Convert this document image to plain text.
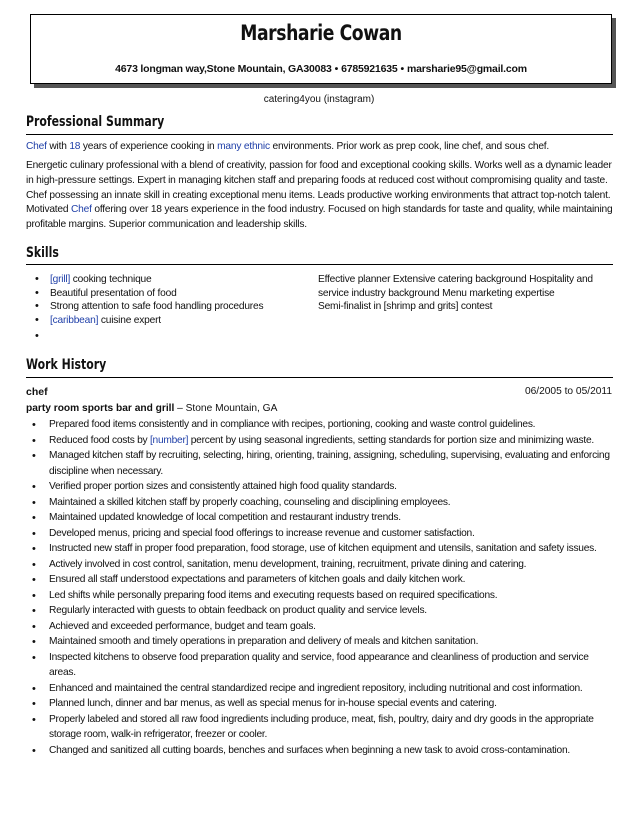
Marsharie Cowan
4673 longman way,Stone Mountain, GA30083 • 6785921635 • marsharie95@gmail.com
catering4you (instagram)
Professional Summary
Chef with 18 years of experience cooking in many ethnic environments. Prior work as prep cook, line chef, and sous chef.
Energetic culinary professional with a blend of creativity, passion for food and exceptional cooking skills. Works well as a dynamic leader in high-pressure settings. Expert in managing kitchen staff and preparing foods at reduced cost without compromising quality and taste. Chef possessing an innate skill in creating exceptional menu items. Leads productive working environments that attract top-notch talent. Motivated Chef offering over 18 years experience in the food industry. Focused on high standards for taste and quality, while maintaining profitable margins. Superior communication and leadership skills.
Skills
• [grill] cooking technique
• Beautiful presentation of food
• Strong attention to safe food handling procedures
• [caribbean] cuisine expert
•

Effective planner Extensive catering background Hospitality and service industry background Menu marketing expertise
Semi-finalist in [shrimp and grits] contest
Work History
chef	06/2005 to 05/2011
party room sports bar and grill – Stone Mountain, GA
• Prepared food items consistently and in compliance with recipes, portioning, cooking and waste control guidelines.
• Reduced food costs by [number] percent by using seasonal ingredients, setting standards for portion size and minimizing waste.
• Managed kitchen staff by recruiting, selecting, hiring, orienting, training, assigning, scheduling, supervising, evaluating and enforcing discipline when necessary.
• Verified proper portion sizes and consistently attained high food quality standards.
• Maintained a skilled kitchen staff by properly coaching, counseling and disciplining employees.
• Maintained updated knowledge of local competition and restaurant industry trends.
• Developed menus, pricing and special food offerings to increase revenue and customer satisfaction.
• Instructed new staff in proper food preparation, food storage, use of kitchen equipment and utensils, sanitation and safety issues.
• Actively involved in cost control, sanitation, menu development, training, recruitment, private dining and catering.
• Ensured all staff understood expectations and parameters of kitchen goals and daily kitchen work.
• Led shifts while personally preparing food items and executing requests based on required specifications.
• Regularly interacted with guests to obtain feedback on product quality and service levels.
• Achieved and exceeded performance, budget and team goals.
• Maintained smooth and timely operations in preparation and delivery of meals and kitchen sanitation.
• Inspected kitchens to observe food preparation quality and service, food appearance and cleanliness of production and service areas.
• Enhanced and maintained the central standardized recipe and ingredient repository, including nutritional and cost information.
• Planned lunch, dinner and bar menus, as well as special menus for in-house special events and catering.
• Properly labeled and stored all raw food ingredients including produce, meat, fish, poultry, dairy and dry goods in the appropriate storage room, walk-in refrigerator, freezer or cooler.
• Changed and sanitized all cutting boards, benches and surfaces when beginning a new task to avoid cross-contamination.
